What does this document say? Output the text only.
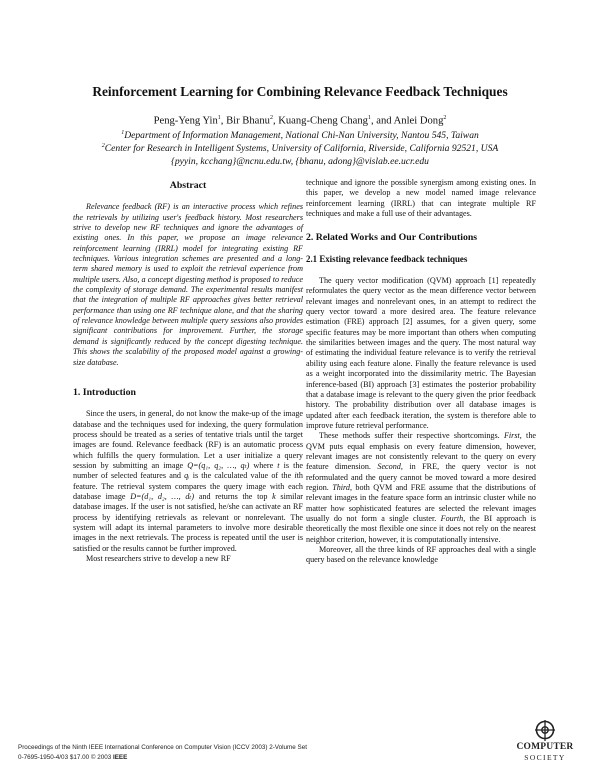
Reinforcement Learning for Combining Relevance Feedback Techniques
Peng-Yeng Yin$^1$, Bir Bhanu$^2$, Kuang-Cheng Chang$^1$, and Anlei Dong$^2$
$^1$Department of Information Management, National Chi-Nan University, Nantou 545, Taiwan
$^2$Center for Research in Intelligent Systems, University of California, Riverside, California 92521, USA
{pyyin, kcchang}@ncnu.edu.tw, {bhanu, adong}@vislab.ee.ucr.edu
Abstract

Relevance feedback (RF) is an interactive process which refines the retrievals by utilizing user's feedback history. Most researchers strive to develop new RF techniques and ignore the advantages of existing ones. In this paper, we propose an image relevance reinforcement learning (IRRL) model for integrating existing RF techniques. Various integration schemes are presented and a long-term shared memory is used to exploit the retrieval experience from multiple users. Also, a concept digesting method is proposed to reduce the complexity of storage demand. The experimental results manifest that the integration of multiple RF approaches gives better retrieval performance than using one RF technique alone, and that the sharing of relevance knowledge between multiple query sessions also provides significant contributions for improvement. Further, the storage demand is significantly reduced by the concept digesting technique. This shows the scalability of the proposed model against a growing-size database.

1. Introduction

Since the users, in general, do not know the make-up of the image database and the techniques used for indexing, the query formulation process should be treated as a series of tentative trials until the target images are found. Relevance feedback (RF) is an automatic process which fulfills the query formulation. Let a user initialize a query session by submitting an image Q=(q₁, q₂, …, qₜ) where t is the number of selected features and qᵢ is the calculated value of the ith feature. The retrieval system compares the query image with each database image D=(d₁, d₂, …, dₜ) and returns the top k similar database images. If the user is not satisfied, he/she can activate an RF process by identifying retrievals as relevant or nonrelevant. The system will adapt its internal parameters to involve more desirable images in the next retrievals. The process is repeated until the user is satisfied or the results cannot be further improved.

Most researchers strive to develop a new RF

technique and ignore the possible synergism among existing ones. In this paper, we develop a new model named image relevance reinforcement learning (IRRL) that can integrate multiple RF techniques and make a full use of their advantages.

2. Related Works and Our Contributions
2.1 Existing relevance feedback techniques

The query vector modification (QVM) approach [1] repeatedly reformulates the query vector as the mean difference vector between relevant images and nonrelevant ones, in an attempt to redirect the query vector toward a more desired area. The feature relevance estimation (FRE) approach [2] assumes, for a given query, some specific features may be more important than others when computing the similarities between images and the query. The most natural way of estimating the individual feature relevance is to verify the retrieval ability using each feature alone. Finally the feature relevance is used as a weight incorporated into the dissimilarity metric. The Bayesian inference-based (BI) approach [3] estimates the posterior probability that a database image is relevant to the query given the prior feedback history. The probability distribution over all database images is updated after each feedback iteration, the system is therefore able to improve future retrieval performance.

These methods suffer their respective shortcomings. First, the QVM puts equal emphasis on every feature dimension, however, relevant images are not consistently relevant to the query on every feature dimension. Second, in FRE, the query vector is not reformulated and the query cannot be moved toward a more desired region. Third, both QVM and FRE assume that the distributions of relevant images in the feature space form an intrinsic cluster while no matter how sophisticated features are selected the relevant images usually do not form a single cluster. Fourth, the BI approach is theoretically the most flexible one since it does not rely on the nearest neighbor criterion, however, it is computationally intensive.

Moreover, all the three kinds of RF approaches deal with a single query based on the relevance knowledge

Proceedings of the Ninth IEEE International Conference on Computer Vision (ICCV 2003) 2-Volume Set
0-7695-1950-4/03 $17.00 © 2003 IEEE
COMPUTER
SOCIETY
